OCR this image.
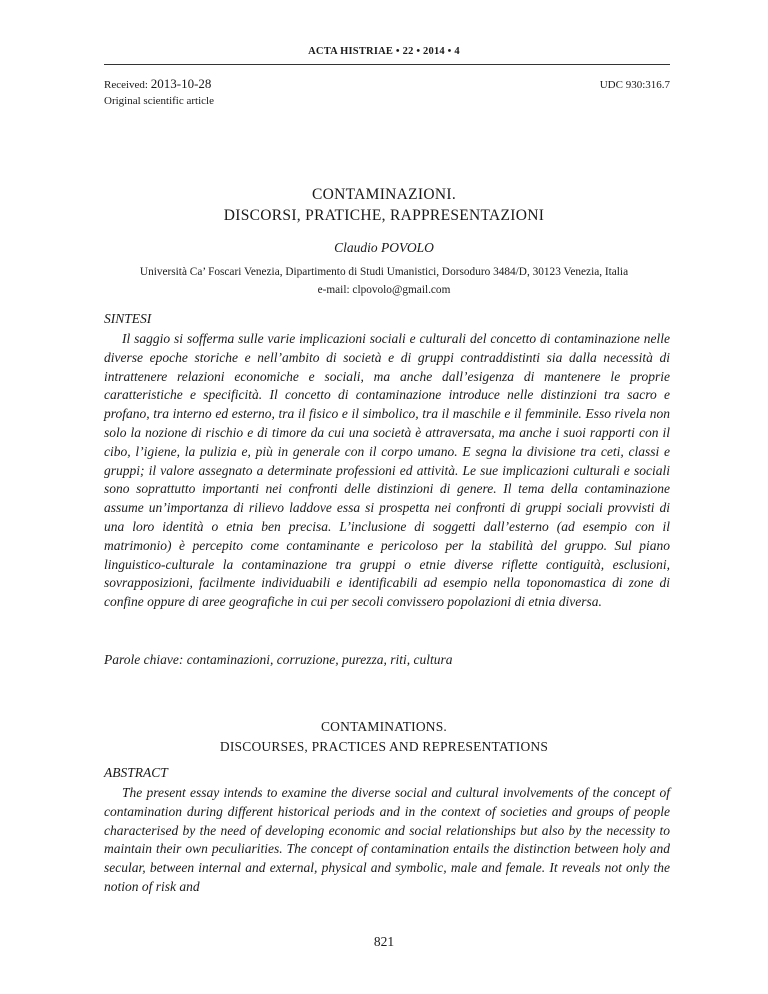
ACTA HISTRIAE • 22 • 2014 • 4
Received: 2013-10-28
Original scientific article
UDC 930:316.7
CONTAMINAZIONI.
DISCORSI, PRATICHE, RAPPRESENTAZIONI
Claudio POVOLO
Università Ca’ Foscari Venezia, Dipartimento di Studi Umanistici, Dorsoduro 3484/D, 30123 Venezia, Italia
e-mail: clpovolo@gmail.com
SINTESI

Il saggio si sofferma sulle varie implicazioni sociali e culturali del concetto di contaminazione nelle diverse epoche storiche e nell’ambito di società e di gruppi contraddistinti sia dalla necessità di intrattenere relazioni economiche e sociali, ma anche dall’esigenza di mantenere le proprie caratteristiche e specificità. Il concetto di contaminazione introduce nelle distinzioni tra sacro e profano, tra interno ed esterno, tra il fisico e il simbolico, tra il maschile e il femminile. Esso rivela non solo la nozione di rischio e di timore da cui una società è attraversata, ma anche i suoi rapporti con il cibo, l’igiene, la pulizia e, più in generale con il corpo umano. E segna la divisione tra ceti, classi e gruppi; il valore assegnato a determinate professioni ed attività. Le sue implicazioni culturali e sociali sono soprattutto importanti nei confronti delle distinzioni di genere. Il tema della contaminazione assume un’importanza di rilievo laddove essa si prospetta nei confronti di gruppi sociali provvisti di una loro identità o etnia ben precisa. L’inclusione di soggetti dall’esterno (ad esempio con il matrimonio) è percepito come contaminante e pericoloso per la stabilità del gruppo. Sul piano linguistico-culturale la contaminazione tra gruppi o etnie diverse riflette contiguità, esclusioni, sovrapposizioni, facilmente individuabili e identificabili ad esempio nella toponomastica di zone di confine oppure di aree geografiche in cui per secoli convissero popolazioni di etnia diversa.

Parole chiave: contaminazioni, corruzione, purezza, riti, cultura
CONTAMINATIONS.
DISCOURSES, PRACTICES AND REPRESENTATIONS
ABSTRACT

The present essay intends to examine the diverse social and cultural involvements of the concept of contamination during different historical periods and in the context of societies and groups of people characterised by the need of developing economic and social relationships but also by the necessity to maintain their own peculiarities. The concept of contamination entails the distinction between holy and secular, between internal and external, physical and symbolic, male and female. It reveals not only the notion of risk and

821
